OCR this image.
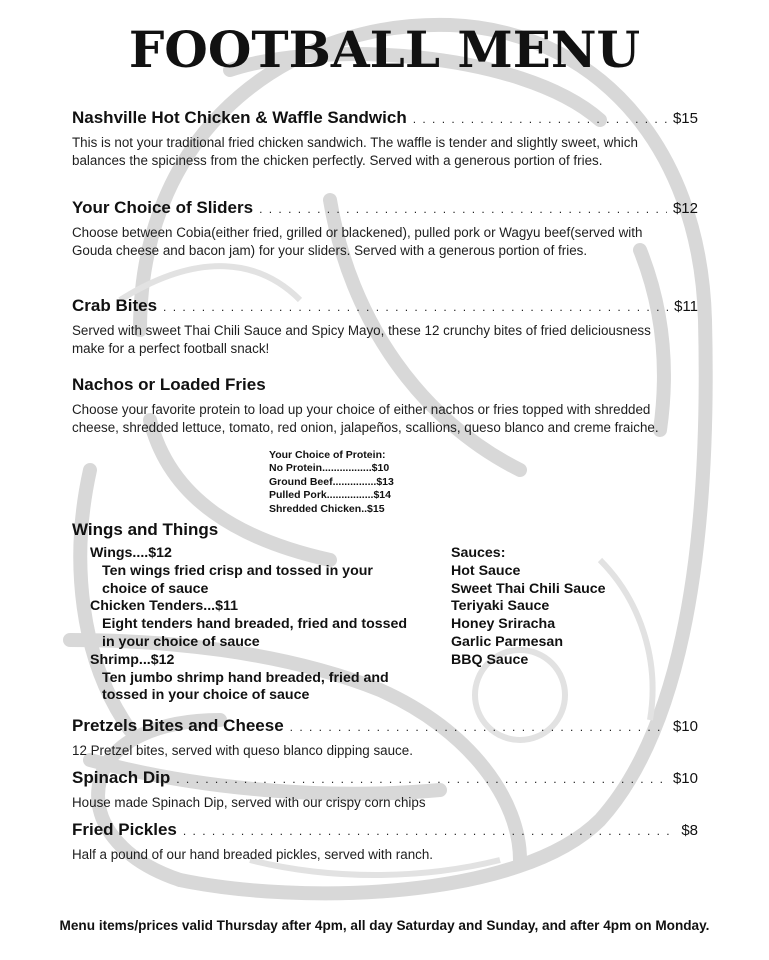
FOOTBALL MENU
Nashville Hot Chicken & Waffle Sandwich . . .	$15
This is not your traditional fried chicken sandwich. The waffle is tender and slightly sweet, which balances the spiciness from the chicken perfectly. Served with a generous portion of fries.
Your Choice of Sliders . . .	$12
Choose between Cobia(either fried, grilled or blackened), pulled pork or Wagyu beef(served with Gouda cheese and bacon jam) for your sliders. Served with a generous portion of fries.
Crab Bites . . .	$11
Served with sweet Thai Chili Sauce and Spicy Mayo, these 12 crunchy bites of fried deliciousness make for a perfect football snack!
Nachos or Loaded Fries
Choose your favorite protein to load up your choice of either nachos or fries topped with shredded cheese, shredded lettuce, tomato, red onion, jalapeños, scallions, queso blanco and creme fraiche.
Your Choice of Protein:
No Protein.................$10
Ground Beef...............$13
Pulled Pork................$14
Shredded Chicken..$15
Wings and Things
Wings....$12
Ten wings fried crisp and tossed in your choice of sauce
Chicken Tenders...$11
Eight tenders hand breaded, fried and tossed in your choice of sauce
Shrimp...$12
Ten jumbo shrimp hand breaded, fried and tossed in your choice of sauce
Sauces:
Hot Sauce
Sweet Thai Chili Sauce
Teriyaki Sauce
Honey Sriracha
Garlic Parmesan
BBQ Sauce
Pretzels Bites and Cheese . . .	$10
12 Pretzel bites, served with queso blanco dipping sauce.
Spinach Dip . . .	$10
House made Spinach Dip, served with our crispy corn chips
Fried Pickles . . .	$8
Half a pound of our hand breaded pickles, served with ranch.
Menu items/prices valid Thursday after 4pm, all day Saturday and Sunday, and after 4pm on Monday.
